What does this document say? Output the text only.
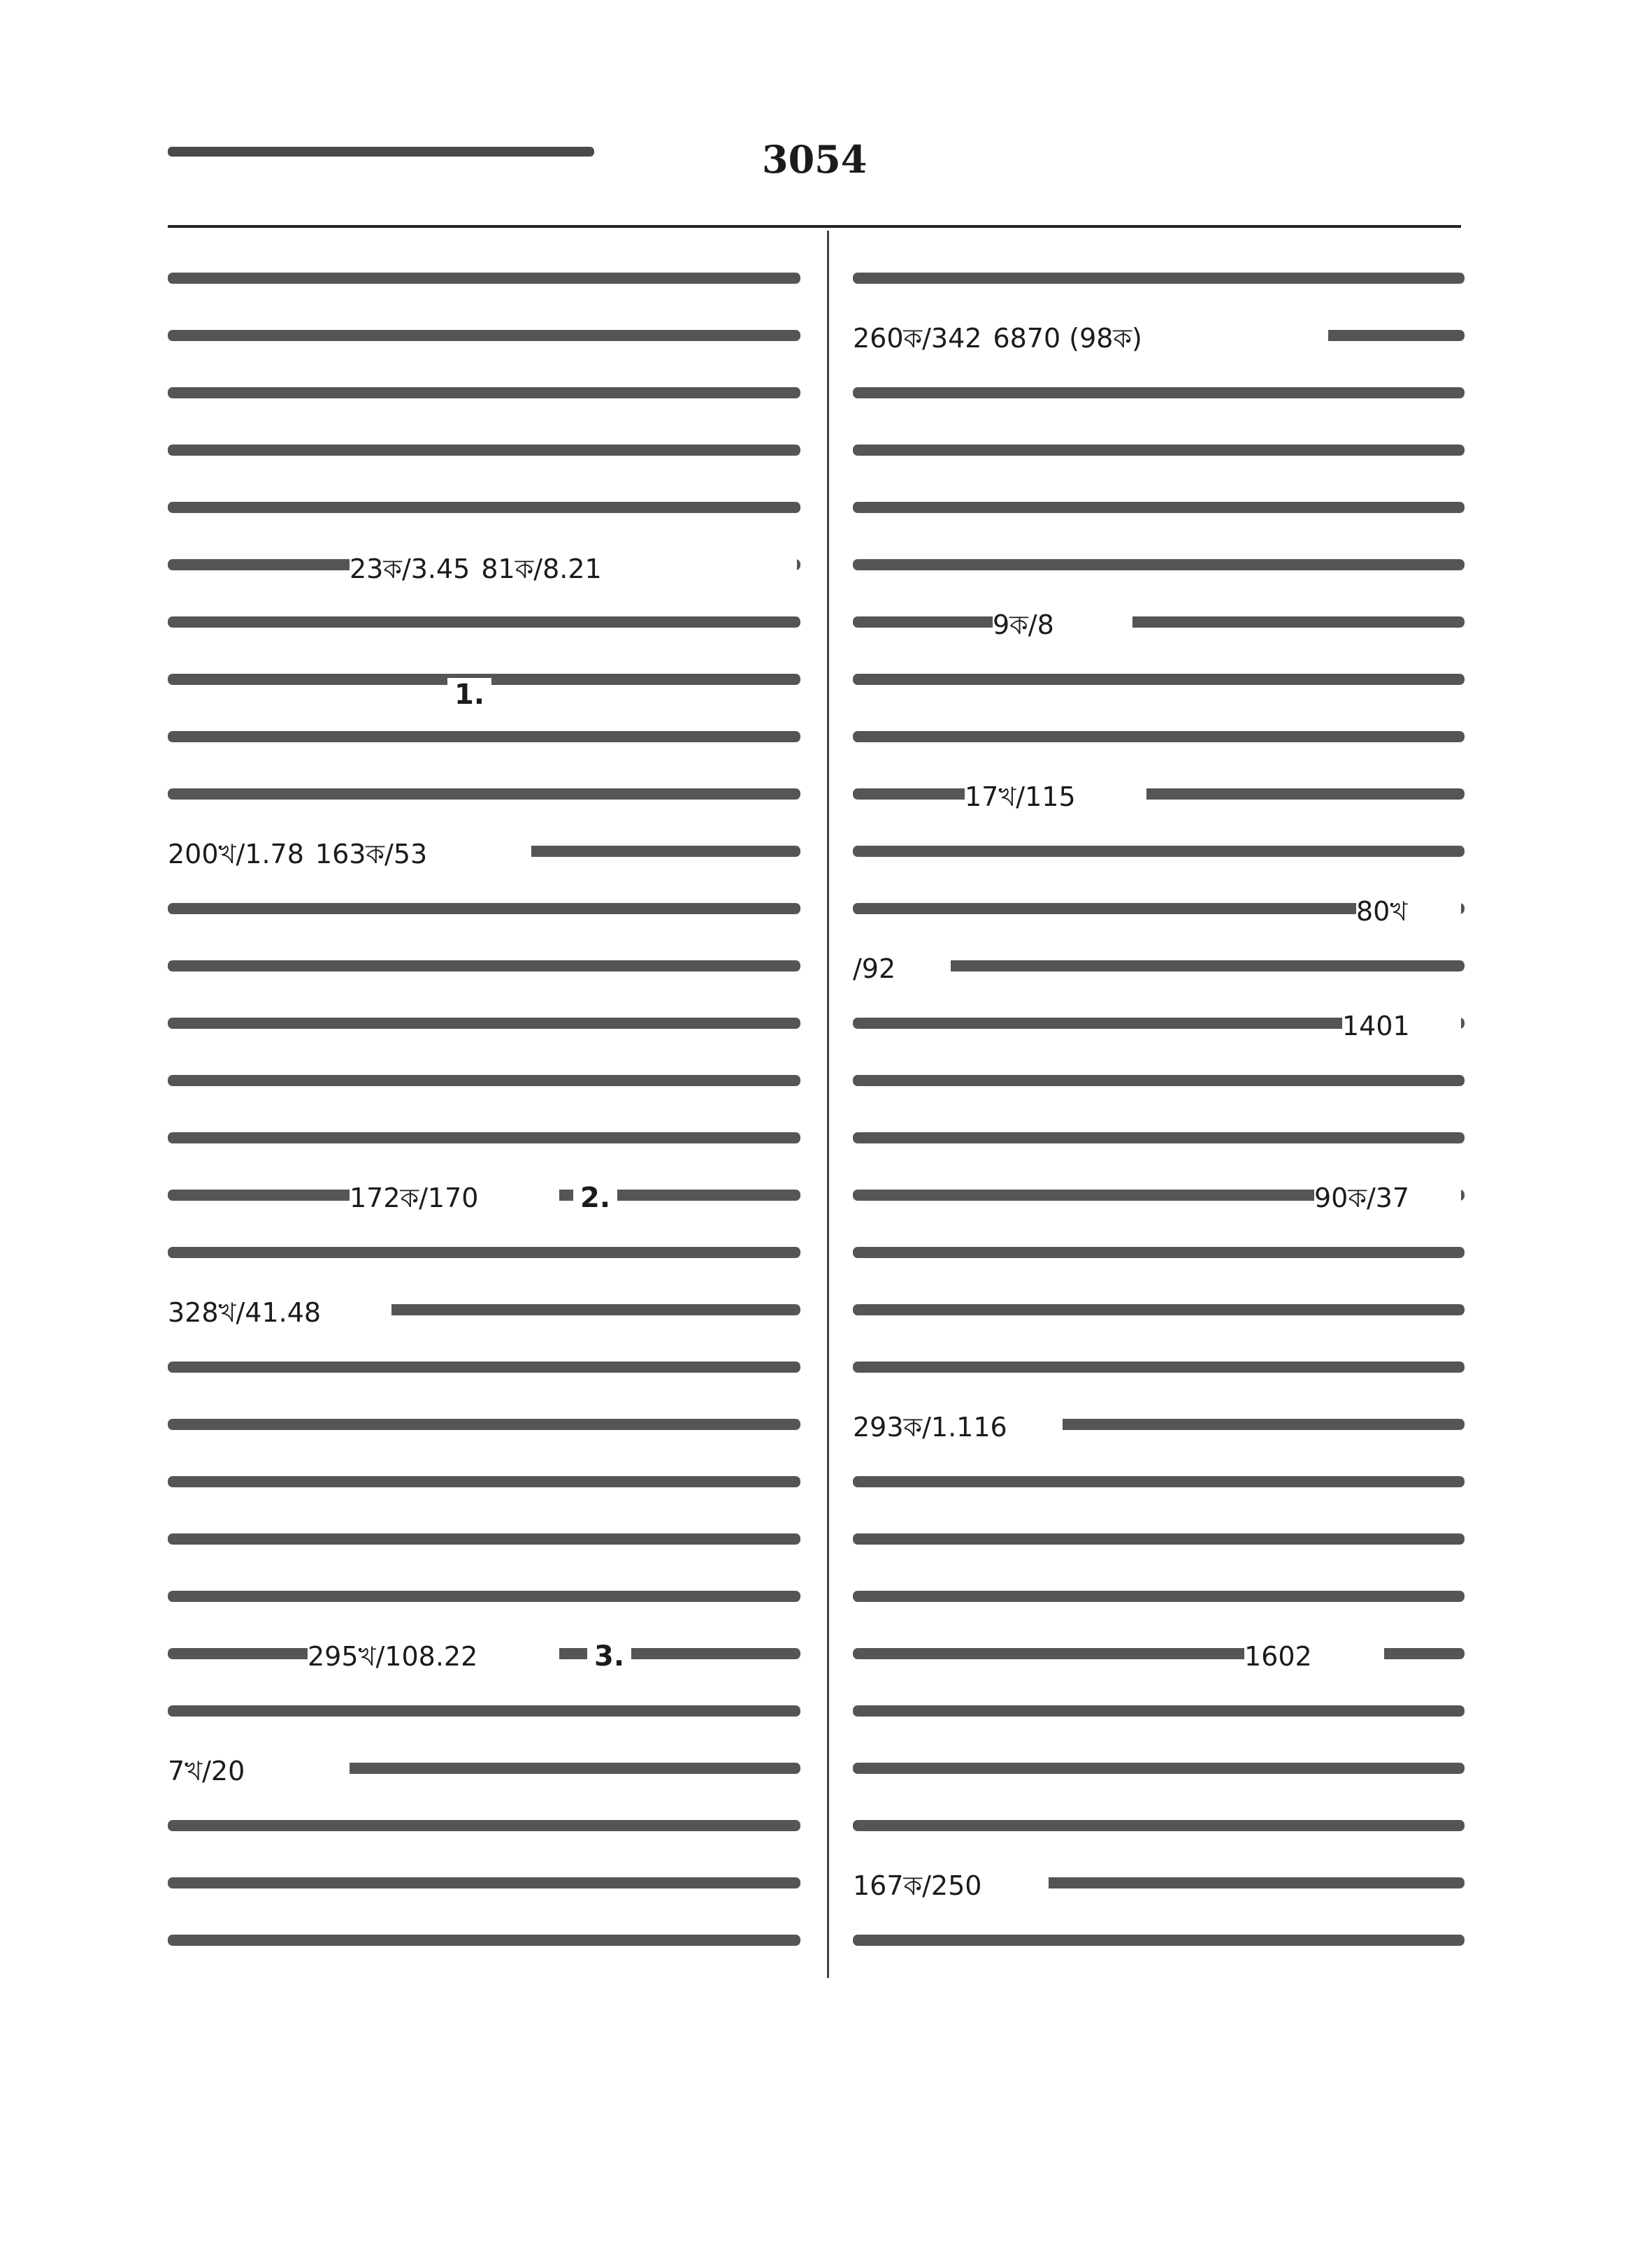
3054
23ক/3.45 81ক/8.21
1.
200খ/1.78 163ক/53
172ক/170	2.
328খ/41.48
295খ/108.22	3.
7খ/20
260ক/342 6870 (98ক)
9ক/8
17খ/115
80খ
/92
1401
90ক/37
293ক/1.116
1602
167ক/250
